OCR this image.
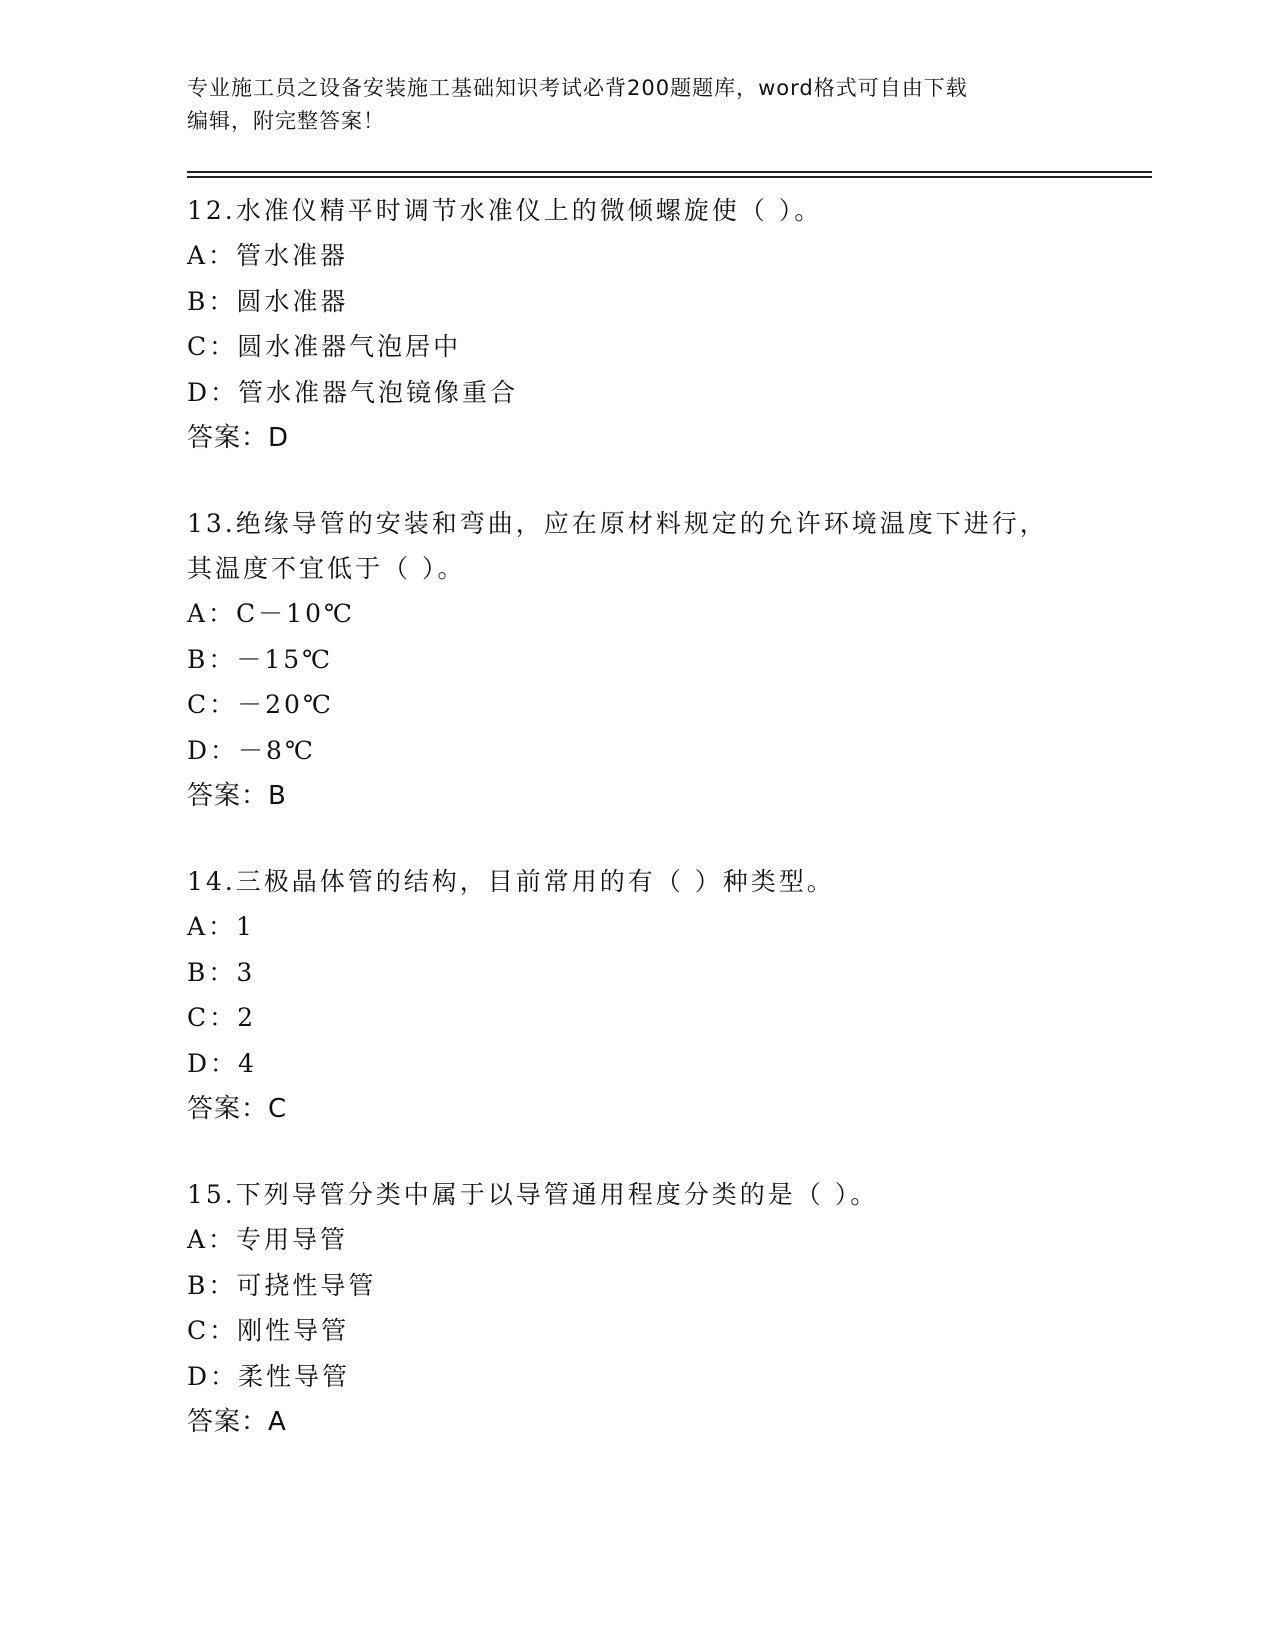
专业施工员之设备安装施工基础知识考试必背200题题库，word格式可自由下载
编辑，附完整答案！

12.水准仪精平时调节水准仪上的微倾螺旋使（ ）。

A：管水准器

B：圆水准器

C：圆水准器气泡居中

D：管水准器气泡镜像重合

答案：D

13.绝缘导管的安装和弯曲，应在原材料规定的允许环境温度下进行，

其温度不宜低于（ ）。

A：C－10℃

B：－15℃

C：－20℃

D：－8℃

答案：B

14.三极晶体管的结构，目前常用的有（ ）种类型。

A：1

B：3

C：2

D：4

答案：C

15.下列导管分类中属于以导管通用程度分类的是（ ）。

A：专用导管

B：可挠性导管

C：刚性导管

D：柔性导管

答案：A
